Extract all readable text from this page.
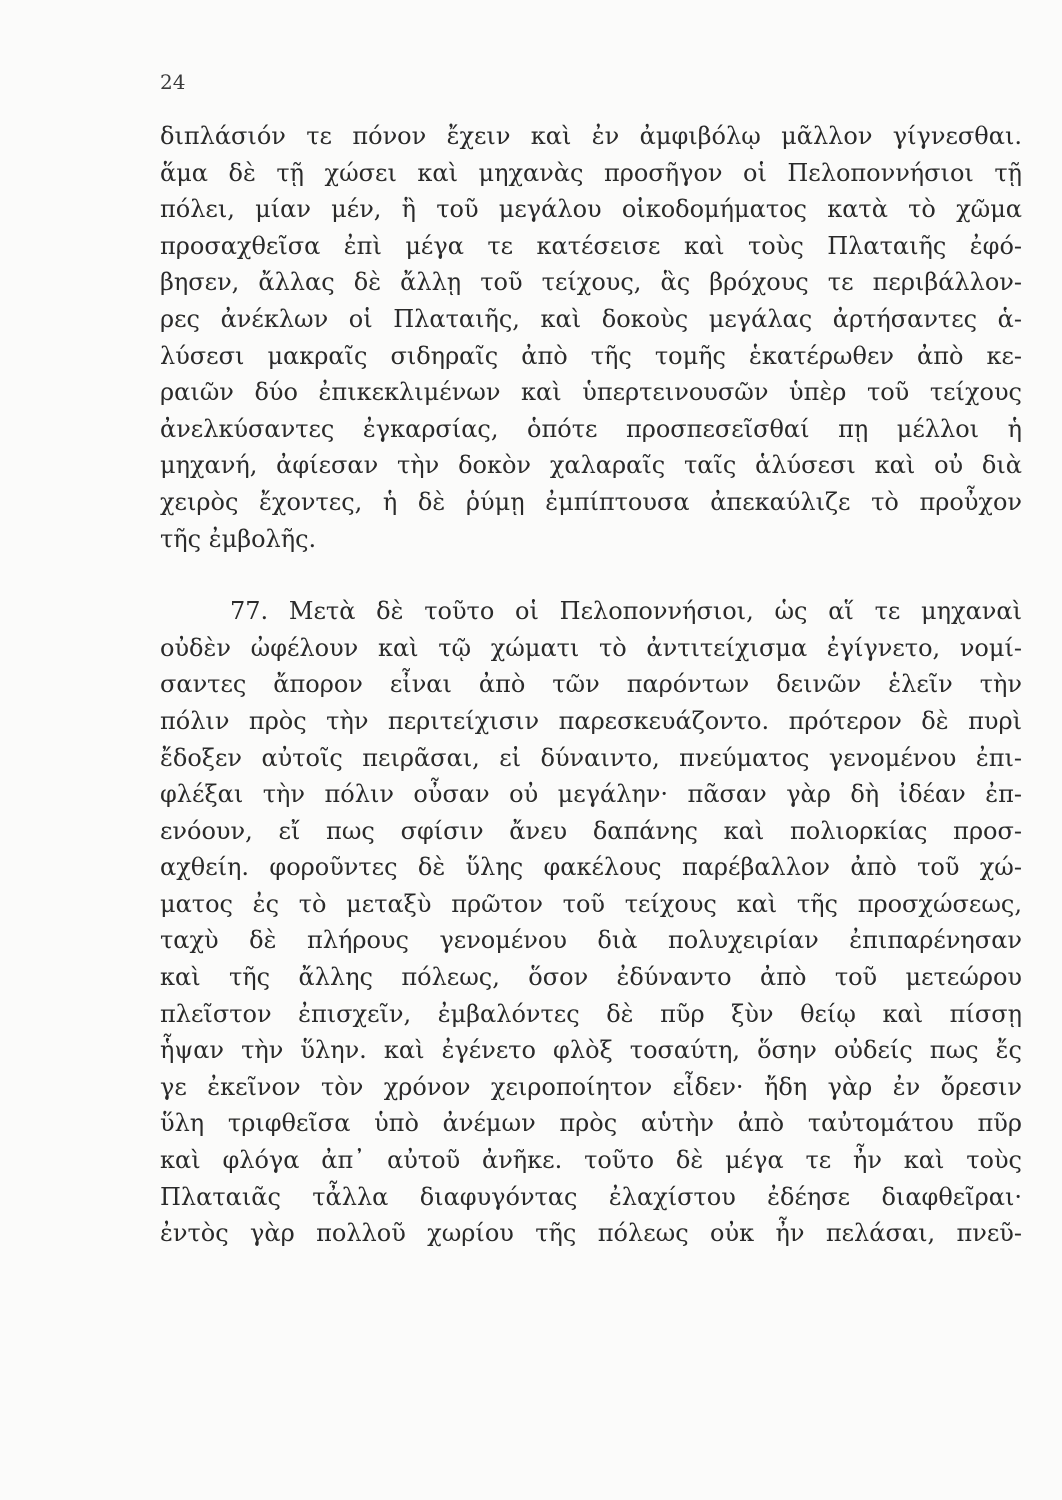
24
διπλάσιόν τε πόνον ἔχειν καὶ ἐν ἀμφιβόλῳ μᾶλλον γίγνεσθαι.
ἅμα δὲ τῇ χώσει καὶ μηχανὰς προσῆγον οἱ Πελοποννήσιοι τῇ
πόλει, μίαν μέν, ἣ τοῦ μεγάλου οἰκοδομήματος κατὰ τὸ χῶμα
προσαχθεῖσα ἐπὶ μέγα τε κατέσεισε καὶ τοὺς Πλαταιῆς ἐφό-
βησεν, ἄλλας δὲ ἄλλῃ τοῦ τείχους, ἃς βρόχους τε περιβάλλον-
ρες ἀνέκλων οἱ Πλαταιῆς, καὶ δοκοὺς μεγάλας ἀρτήσαντες ἁ-
λύσεσι μακραῖς σιδηραῖς ἀπὸ τῆς τομῆς ἑκατέρωθεν ἀπὸ κε-
ραιῶν δύο ἐπικεκλιμένων καὶ ὑπερτεινουσῶν ὑπὲρ τοῦ τείχους
ἀνελκύσαντες ἐγκαρσίας, ὁπότε προσπεσεῖσθαί πῃ μέλλοι ἡ
μηχανή, ἀφίεσαν τὴν δοκὸν χαλαραῖς ταῖς ἁλύσεσι καὶ οὐ διὰ
χειρὸς ἔχοντες, ἡ δὲ ῥύμῃ ἐμπίπτουσα ἀπεκαύλιζε τὸ προὖχον
τῆς ἐμβολῆς.
77. Μετὰ δὲ τοῦτο οἱ Πελοποννήσιοι, ὡς αἵ τε μηχαναὶ
οὐδὲν ὠφέλουν καὶ τῷ χώματι τὸ ἀντιτείχισμα ἐγίγνετο, νομί-
σαντες ἄπορον εἶναι ἀπὸ τῶν παρόντων δεινῶν ἑλεῖν τὴν
πόλιν πρὸς τὴν περιτείχισιν παρεσκευάζοντο. πρότερον δὲ πυρὶ
ἔδοξεν αὐτοῖς πειρᾶσαι, εἰ δύναιντο, πνεύματος γενομένου ἐπι-
φλέξαι τὴν πόλιν οὖσαν οὐ μεγάλην· πᾶσαν γὰρ δὴ ἰδέαν ἐπ-
ενόουν, εἴ πως σφίσιν ἄνευ δαπάνης καὶ πολιορκίας προσ-
αχθείη. φοροῦντες δὲ ὕλης φακέλους παρέβαλλον ἀπὸ τοῦ χώ-
ματος ἐς τὸ μεταξὺ πρῶτον τοῦ τείχους καὶ τῆς προσχώσεως,
ταχὺ δὲ πλήρους γενομένου διὰ πολυχειρίαν ἐπιπαρένησαν
καὶ τῆς ἄλλης πόλεως, ὅσον ἐδύναντο ἀπὸ τοῦ μετεώρου
πλεῖστον ἐπισχεῖν, ἐμβαλόντες δὲ πῦρ ξὺν θείῳ καὶ πίσσῃ
ἧψαν τὴν ὕλην. καὶ ἐγένετο φλὸξ τοσαύτη, ὅσην οὐδείς πως ἔς
γε ἐκεῖνον τὸν χρόνον χειροποίητον εἶδεν· ἤδη γὰρ ἐν ὄρεσιν
ὕλη τριφθεῖσα ὑπὸ ἀνέμων πρὸς αὑτὴν ἀπὸ ταὐτομάτου πῦρ
καὶ φλόγα ἀπ᾽ αὐτοῦ ἀνῆκε. τοῦτο δὲ μέγα τε ἦν καὶ τοὺς
Πλαταιᾶς τἆλλα διαφυγόντας ἐλαχίστου ἐδέησε διαφθεῖραι·
ἐντὸς γὰρ πολλοῦ χωρίου τῆς πόλεως οὐκ ἦν πελάσαι, πνεῦ-
